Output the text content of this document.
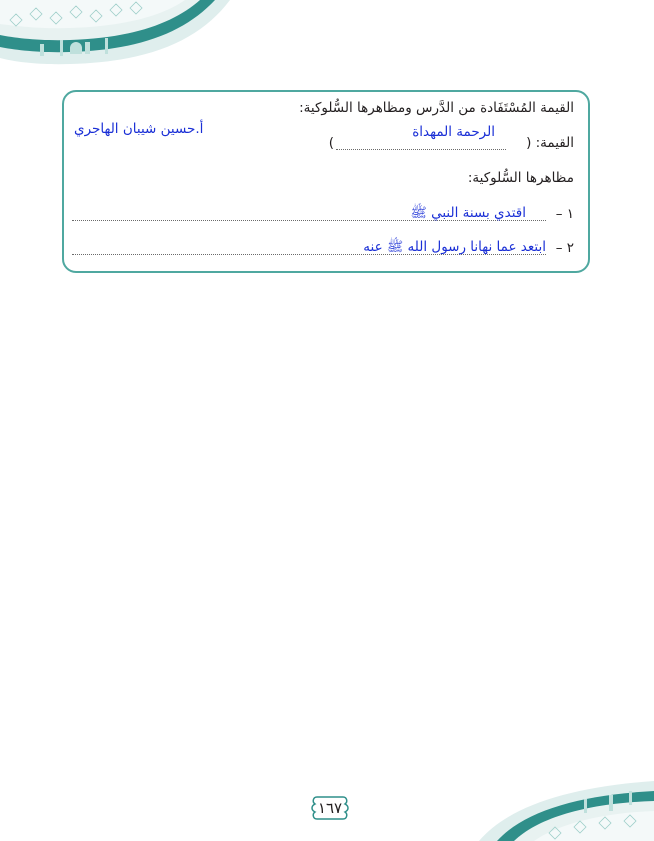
القيمة المُسْتَفَادة من الدَّرس ومظاهرها السُّلوكية:
أ.حسين شيبان الهاجري
القيمة: (
)
الرحمة المهداة
مظاهرها السُّلوكية:
١ –
اقتدي بسنة النبي ﷺ
٢ –
ابتعد عما نهانا رسول الله ﷺ عنه
١٦٧
